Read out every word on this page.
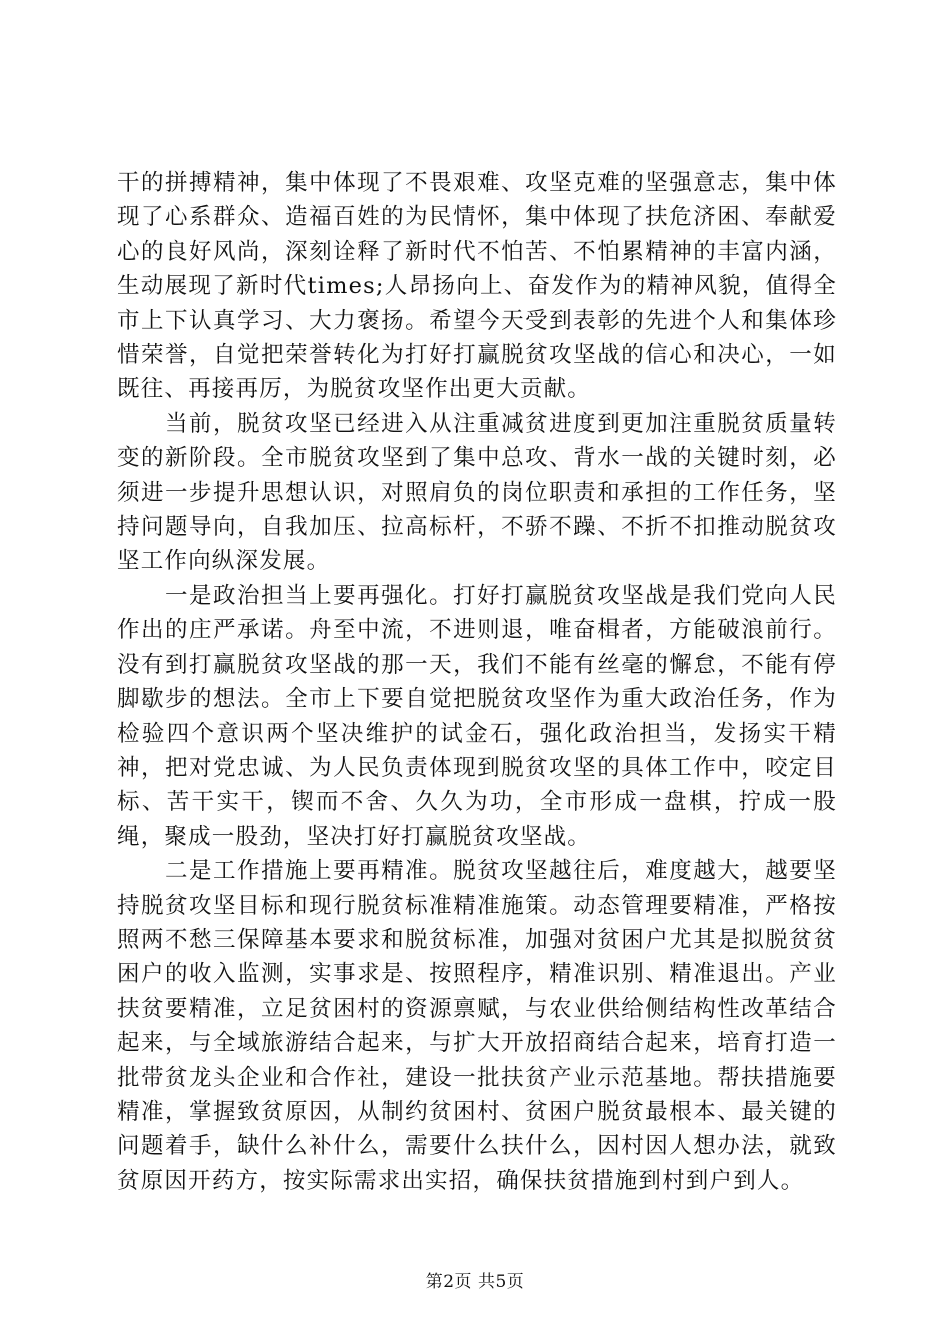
干的拼搏精神，集中体现了不畏艰难、攻坚克难的坚强意志，集中体现了心系群众、造福百姓的为民情怀，集中体现了扶危济困、奉献爱心的良好风尚，深刻诠释了新时代不怕苦、不怕累精神的丰富内涵，生动展现了新时代times;人昂扬向上、奋发作为的精神风貌，值得全市上下认真学习、大力褒扬。希望今天受到表彰的先进个人和集体珍惜荣誉，自觉把荣誉转化为打好打赢脱贫攻坚战的信心和决心，一如既往、再接再厉，为脱贫攻坚作出更大贡献。

当前，脱贫攻坚已经进入从注重减贫进度到更加注重脱贫质量转变的新阶段。全市脱贫攻坚到了集中总攻、背水一战的关键时刻，必须进一步提升思想认识，对照肩负的岗位职责和承担的工作任务，坚持问题导向，自我加压、拉高标杆，不骄不躁、不折不扣推动脱贫攻坚工作向纵深发展。

一是政治担当上要再强化。打好打赢脱贫攻坚战是我们党向人民作出的庄严承诺。舟至中流，不进则退，唯奋楫者，方能破浪前行。没有到打赢脱贫攻坚战的那一天，我们不能有丝毫的懈怠，不能有停脚歇步的想法。全市上下要自觉把脱贫攻坚作为重大政治任务，作为检验四个意识两个坚决维护的试金石，强化政治担当，发扬实干精神，把对党忠诚、为人民负责体现到脱贫攻坚的具体工作中，咬定目标、苦干实干，锲而不舍、久久为功，全市形成一盘棋，拧成一股绳，聚成一股劲，坚决打好打赢脱贫攻坚战。

二是工作措施上要再精准。脱贫攻坚越往后，难度越大，越要坚持脱贫攻坚目标和现行脱贫标准精准施策。动态管理要精准，严格按照两不愁三保障基本要求和脱贫标准，加强对贫困户尤其是拟脱贫贫困户的收入监测，实事求是、按照程序，精准识别、精准退出。产业扶贫要精准，立足贫困村的资源禀赋，与农业供给侧结构性改革结合起来，与全域旅游结合起来，与扩大开放招商结合起来，培育打造一批带贫龙头企业和合作社，建设一批扶贫产业示范基地。帮扶措施要精准，掌握致贫原因，从制约贫困村、贫困户脱贫最根本、最关键的问题着手，缺什么补什么，需要什么扶什么，因村因人想办法，就致贫原因开药方，按实际需求出实招，确保扶贫措施到村到户到人。

第2页 共5页
